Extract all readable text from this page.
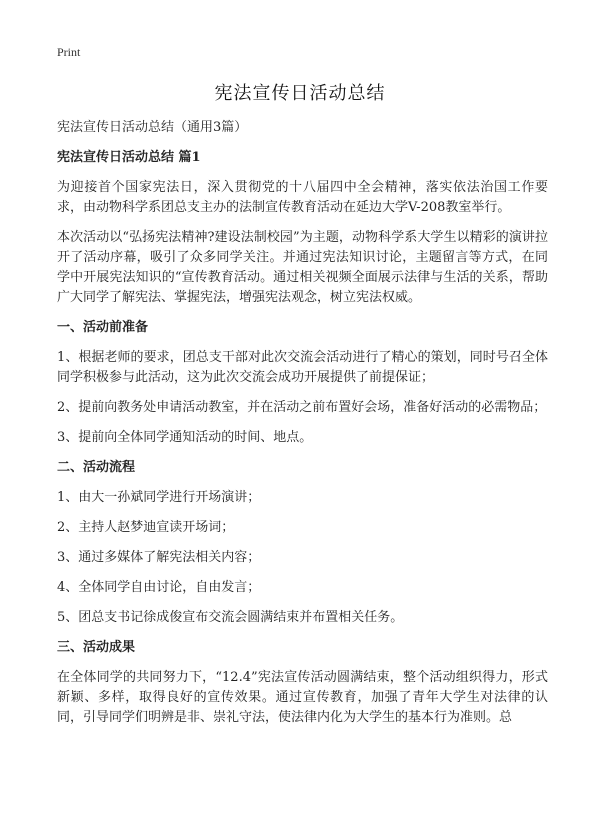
Print
宪法宣传日活动总结

宪法宣传日活动总结（通用3篇）

宪法宣传日活动总结 篇1

为迎接首个国家宪法日，深入贯彻党的十八届四中全会精神，落实依法治国工作要求，由动物科学系团总支主办的法制宣传教育活动在延边大学V-208教室举行。

本次活动以“弘扬宪法精神?建设法制校园”为主题，动物科学系大学生以精彩的演讲拉开了活动序幕，吸引了众多同学关注。并通过宪法知识讨论，主题留言等方式，在同学中开展宪法知识的“宣传教育活动。通过相关视频全面展示法律与生活的关系，帮助广大同学了解宪法、掌握宪法，增强宪法观念，树立宪法权威。

一、活动前准备

1、根据老师的要求，团总支干部对此次交流会活动进行了精心的策划，同时号召全体同学积极参与此活动，这为此次交流会成功开展提供了前提保证；

2、提前向教务处申请活动教室，并在活动之前布置好会场，准备好活动的必需物品；

3、提前向全体同学通知活动的时间、地点。

二、活动流程

1、由大一孙斌同学进行开场演讲；

2、主持人赵梦迪宣读开场词；

3、通过多媒体了解宪法相关内容；

4、全体同学自由讨论，自由发言；

5、团总支书记徐成俊宣布交流会圆满结束并布置相关任务。

三、活动成果

在全体同学的共同努力下，“12.4”宪法宣传活动圆满结束，整个活动组织得力，形式新颖、多样，取得良好的宣传效果。通过宣传教育，加强了青年大学生对法律的认同，引导同学们明辨是非、崇礼守法，使法律内化为大学生的基本行为准则。总
